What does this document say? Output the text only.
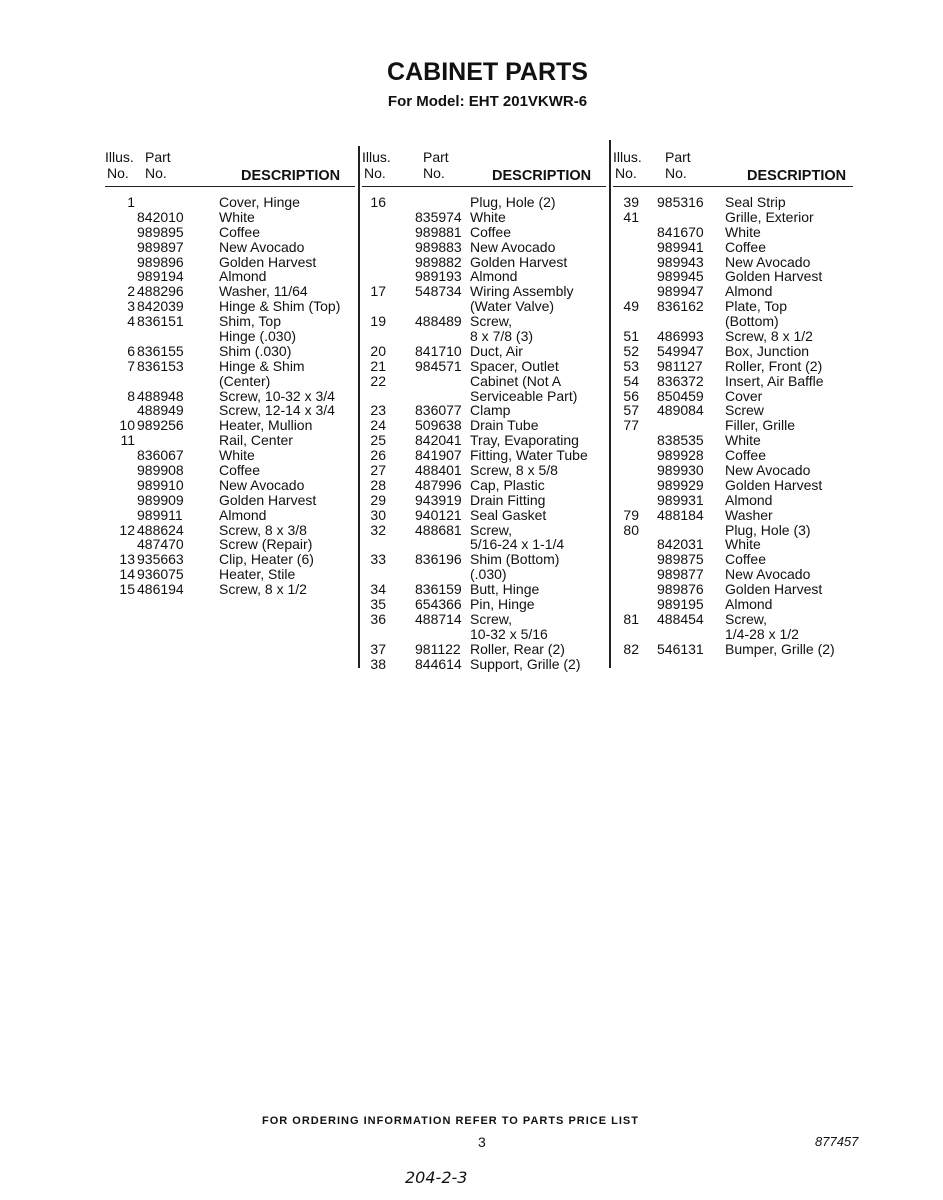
CABINET PARTS
For Model: EHT 201VKWR-6
Illus.
No.
Part
No.	DESCRIPTION
1	Cover, Hinge
842010	White
989895	Coffee
989897	New Avocado
989896	Golden Harvest
989194	Almond
2 488296	Washer, 11/64
3 842039	Hinge & Shim (Top)
4 836151	Shim, Top
Hinge (.030)
6 836155	Shim (.030)
7 836153	Hinge & Shim
(Center)
8 488948	Screw, 10-32 x 3/4
488949	Screw, 12-14 x 3/4
10 989256	Heater, Mullion
11	Rail, Center
836067	White
989908	Coffee
989910	New Avocado
989909	Golden Harvest
989911	Almond
12 488624	Screw, 8 x 3/8
487470	Screw (Repair)
13 935663	Clip, Heater (6)
14 936075	Heater, Stile
15 486194	Screw, 8 x 1/2
Illus.
No.
Part
No.	DESCRIPTION
16	Plug, Hole (2)
835974 White
989881 Coffee
989883 New Avocado
989882 Golden Harvest
989193 Almond
17 548734 Wiring Assembly
(Water Valve)
19 488489 Screw,
8 x 7/8 (3)
20 841710 Duct, Air
21 984571 Spacer, Outlet
22	Cabinet (Not A
Serviceable Part)
23 836077 Clamp
24 509638 Drain Tube
25 842041 Tray, Evaporating
26 841907 Fitting, Water Tube
27 488401 Screw, 8 x 5/8
28 487996 Cap, Plastic
29 943919 Drain Fitting
30 940121 Seal Gasket
32 488681 Screw,
5/16-24 x 1-1/4
33 836196 Shim (Bottom)
(.030)
34 836159 Butt, Hinge
35 654366 Pin, Hinge
36 488714 Screw,
10-32 x 5/16
37 981122 Roller, Rear (2)
38 844614 Support, Grille (2)
Illus.
No.
Part
No.	DESCRIPTION
39 985316 Seal Strip
41	Grille, Exterior
841670 White
989941 Coffee
989943 New Avocado
989945 Golden Harvest
989947 Almond
49 836162 Plate, Top
(Bottom)
51 486993 Screw, 8 x 1/2
52 549947 Box, Junction
53 981127 Roller, Front (2)
54 836372 Insert, Air Baffle
56 850459 Cover
57 489084 Screw
77	Filler, Grille
838535 White
989928 Coffee
989930 New Avocado
989929 Golden Harvest
989931 Almond
79 488184 Washer
80	Plug, Hole (3)
842031 White
989875 Coffee
989877 New Avocado
989876 Golden Harvest
989195 Almond
81 488454 Screw,
1/4-28 x 1/2
82 546131 Bumper, Grille (2)
FOR ORDERING INFORMATION REFER TO PARTS PRICE LIST
3	877457
204-2-3
